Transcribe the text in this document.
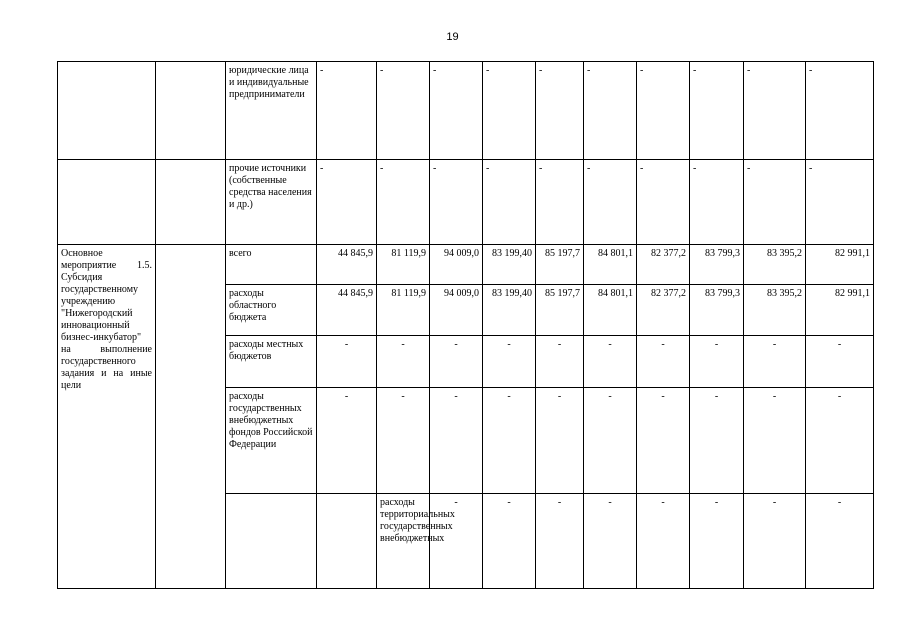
19
		юридические лица и индивидуальные предприниматели	-	-	-	-	-	-	-	-	-	-	
		прочие источники (собственные средства населения и др.)	-	-	-	-	-	-	-	-	-	-	
Основное мероприятие 1.5. Субсидия государственному учреждению "Нижегородский инновационный бизнес-инкубатор" на выполнение государственного задания и на иные цели		всего	44 845,9	81 119,9	94 009,0	83 199,40	85 197,7	84 801,1	82 377,2	83 799,3	83 395,2	82 991,1	
		расходы областного бюджета	44 845,9	81 119,9	94 009,0	83 199,40	85 197,7	84 801,1	82 377,2	83 799,3	83 395,2	82 991,1	
		расходы местных бюджетов	-	-	-	-	-	-	-	-	-	-	
		расходы государственных внебюджетных фондов Российской Федерации	-	-	-	-	-	-	-	-	-	-	
				расходы территориальных государственных внебюджетных	-	-	-	-	-	-	-	-		
